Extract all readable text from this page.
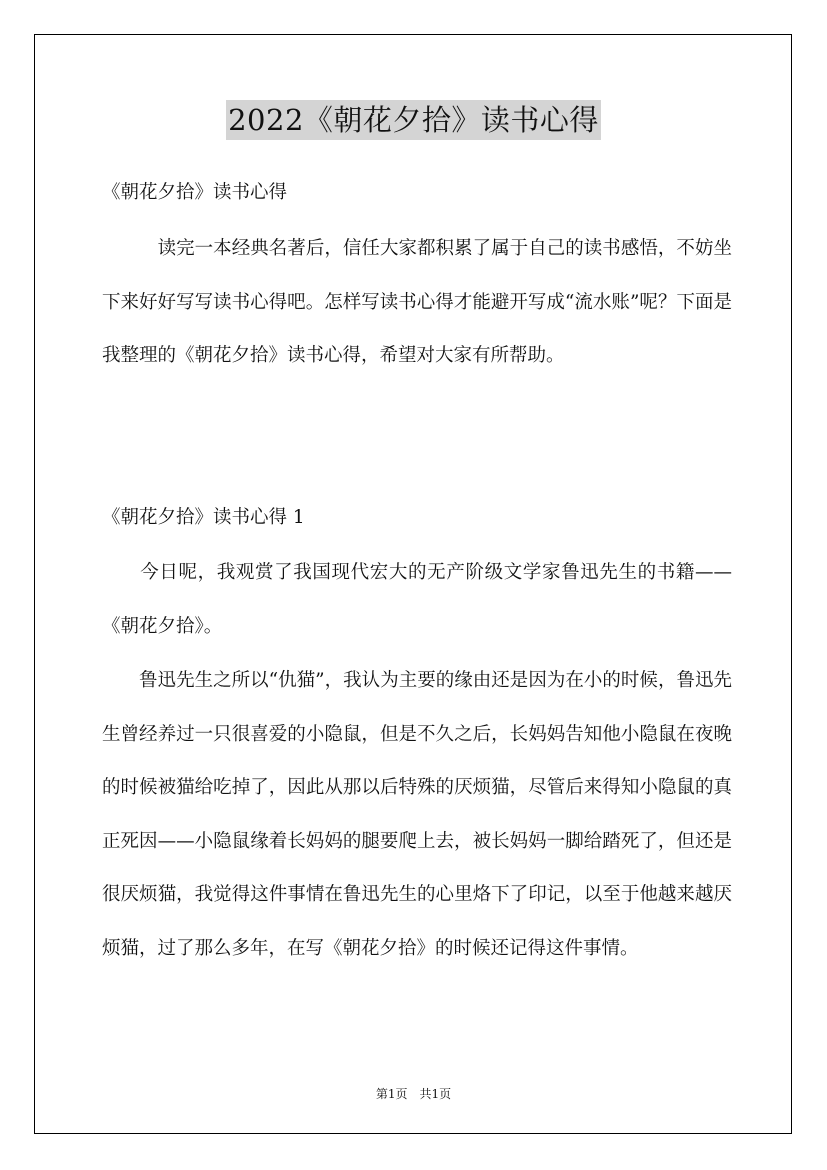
2022《朝花夕拾》读书心得

《朝花夕拾》读书心得

　　　读完一本经典名著后，信任大家都积累了属于自己的读书感悟，不妨坐下来好好写写读书心得吧。怎样写读书心得才能避开写成“流水账”呢？下面是我整理的《朝花夕拾》读书心得，希望对大家有所帮助。

《朝花夕拾》读书心得 1

　　今日呢，我观赏了我国现代宏大的无产阶级文学家鲁迅先生的书籍——《朝花夕拾》。

　　鲁迅先生之所以“仇猫”，我认为主要的缘由还是因为在小的时候，鲁迅先生曾经养过一只很喜爱的小隐鼠，但是不久之后，长妈妈告知他小隐鼠在夜晚的时候被猫给吃掉了，因此从那以后特殊的厌烦猫，尽管后来得知小隐鼠的真正死因——小隐鼠缘着长妈妈的腿要爬上去，被长妈妈一脚给踏死了，但还是很厌烦猫，我觉得这件事情在鲁迅先生的心里烙下了印记，以至于他越来越厌烦猫，过了那么多年，在写《朝花夕拾》的时候还记得这件事情。

第1页　共1页
